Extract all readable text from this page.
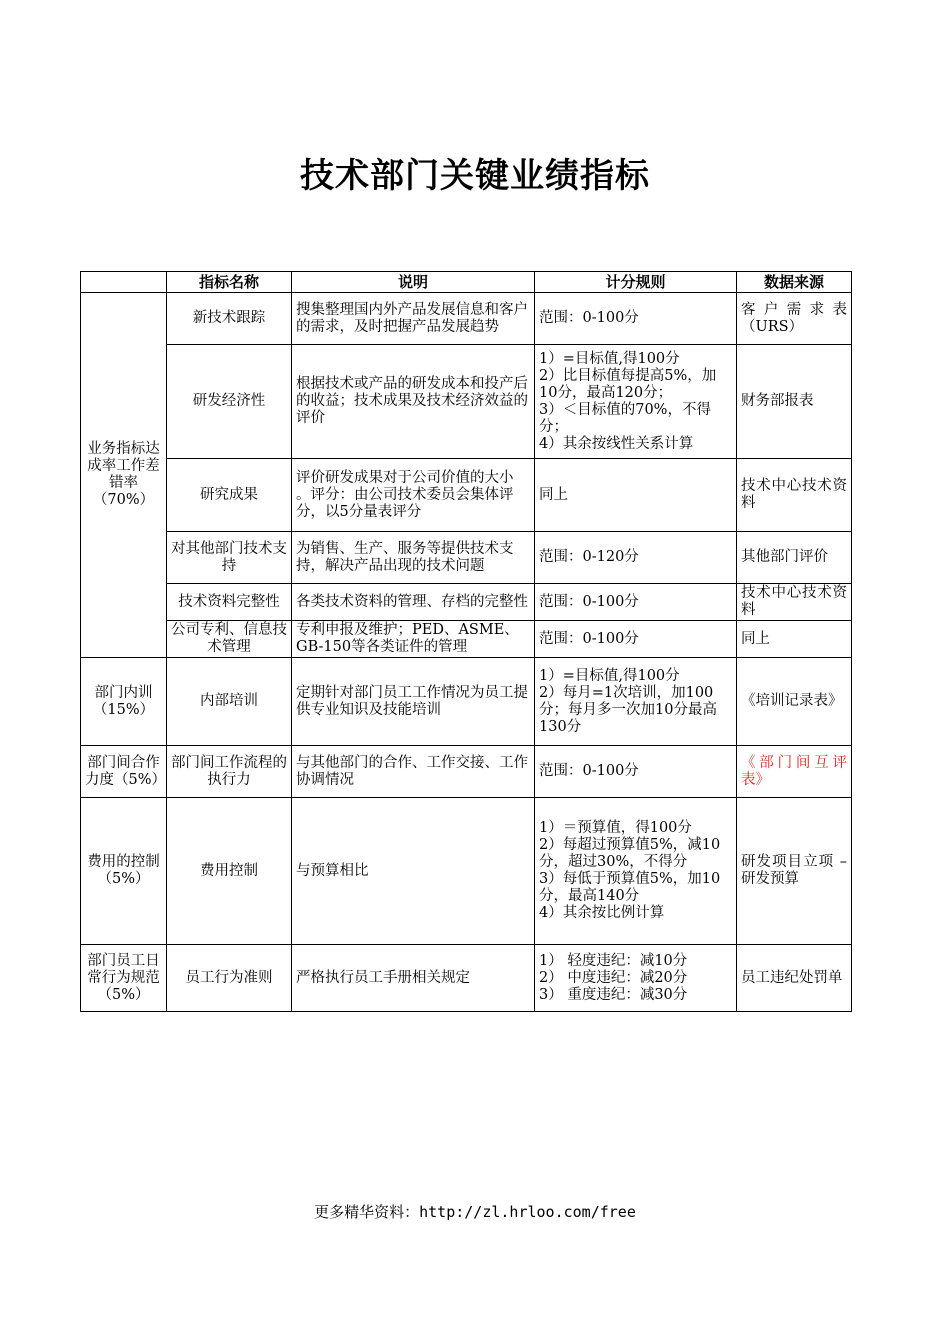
技术部门关键业绩指标
	指标名称	说明	计分规则	数据来源
业务指标达成率工作差错率（70%）	新技术跟踪	搜集整理国内外产品发展信息和客户的需求，及时把握产品发展趋势	范围：0-100分	客户需求表（URS）
	研发经济性	根据技术或产品的研发成本和投产后的收益；技术成果及技术经济效益的评价	1）=目标值,得100分
2）比目标值每提高5%，加10分，最高120分；
3）＜目标值的70%，不得分；
4）其余按线性关系计算	财务部报表
	研究成果	评价研发成果对于公司价值的大小 。评分：由公司技术委员会集体评分，以5分量表评分	同上	技术中心技术资料
	对其他部门技术支持	为销售、生产、服务等提供技术支持，解决产品出现的技术问题	范围：0-120分	其他部门评价
	技术资料完整性	各类技术资料的管理、存档的完整性	范围：0-100分	技术中心技术资料
	公司专利、信息技术管理	专利申报及维护；PED、ASME、GB-150等各类证件的管理	范围：0-100分	同上
部门内训（15%）	内部培训	定期针对部门员工工作情况为员工提供专业知识及技能培训	1）=目标值,得100分
2）每月=1次培训，加100分；每月多一次加10分最高130分	《培训记录表》
部门间合作力度（5%）	部门间工作流程的执行力	与其他部门的合作、工作交接、工作协调情况	范围：0-100分	《部门间互评表》
费用的控制（5%）	费用控制	与预算相比	1）＝预算值，得100分
2）每超过预算值5%，减10分，超过30%，不得分
3）每低于预算值5%，加10分，最高140分
4）其余按比例计算	研发项目立项 –研发预算
部门员工日常行为规范（5%）	员工行为准则	严格执行员工手册相关规定	1） 轻度违纪：减10分
2） 中度违纪：减20分
3） 重度违纪：减30分	员工违纪处罚单
更多精华资料：http://zl.hrloo.com/free
